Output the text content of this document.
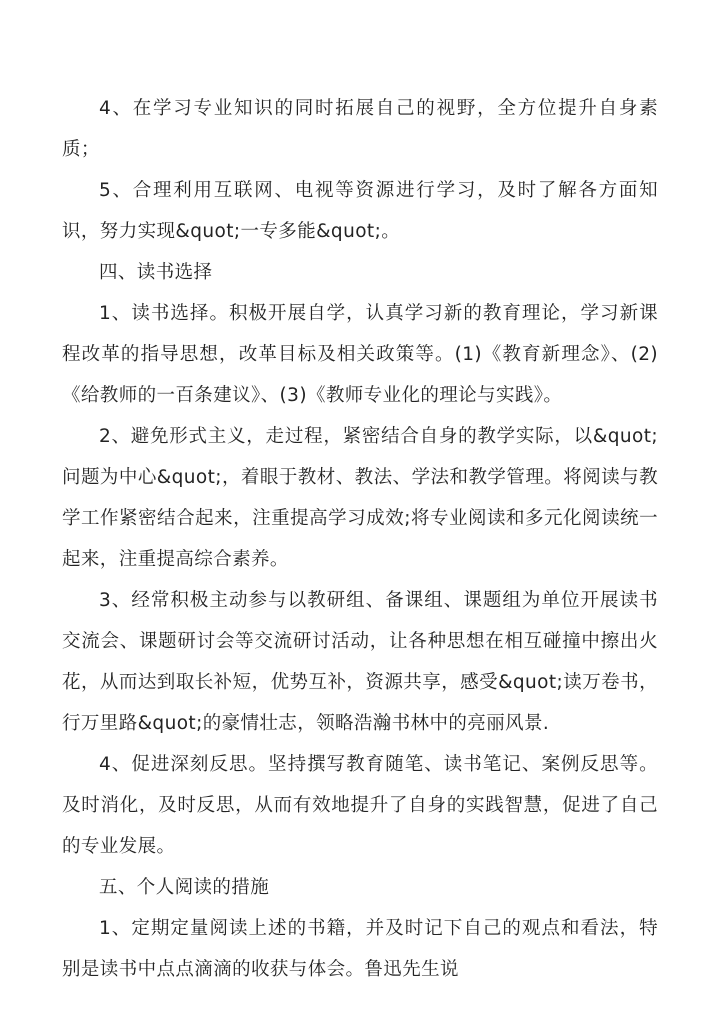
4、在学习专业知识的同时拓展自己的视野，全方位提升自身素质；

5、合理利用互联网、电视等资源进行学习，及时了解各方面知识，努力实现&quot;一专多能&quot;。

四、读书选择

1、读书选择。积极开展自学，认真学习新的教育理论，学习新课程改革的指导思想，改革目标及相关政策等。(1)《教育新理念》、(2)《给教师的一百条建议》、(3)《教师专业化的理论与实践》。

2、避免形式主义，走过程，紧密结合自身的教学实际，以&quot;问题为中心&quot;，着眼于教材、教法、学法和教学管理。将阅读与教学工作紧密结合起来，注重提高学习成效;将专业阅读和多元化阅读统一起来，注重提高综合素养。

3、经常积极主动参与以教研组、备课组、课题组为单位开展读书交流会、课题研讨会等交流研讨活动，让各种思想在相互碰撞中擦出火花，从而达到取长补短，优势互补，资源共享，感受&quot;读万卷书，行万里路&quot;的豪情壮志，领略浩瀚书林中的亮丽风景.

4、促进深刻反思。坚持撰写教育随笔、读书笔记、案例反思等。及时消化，及时反思，从而有效地提升了自身的实践智慧，促进了自己的专业发展。

五、个人阅读的措施

1、定期定量阅读上述的书籍，并及时记下自己的观点和看法，特别是读书中点点滴滴的收获与体会。鲁迅先生说
